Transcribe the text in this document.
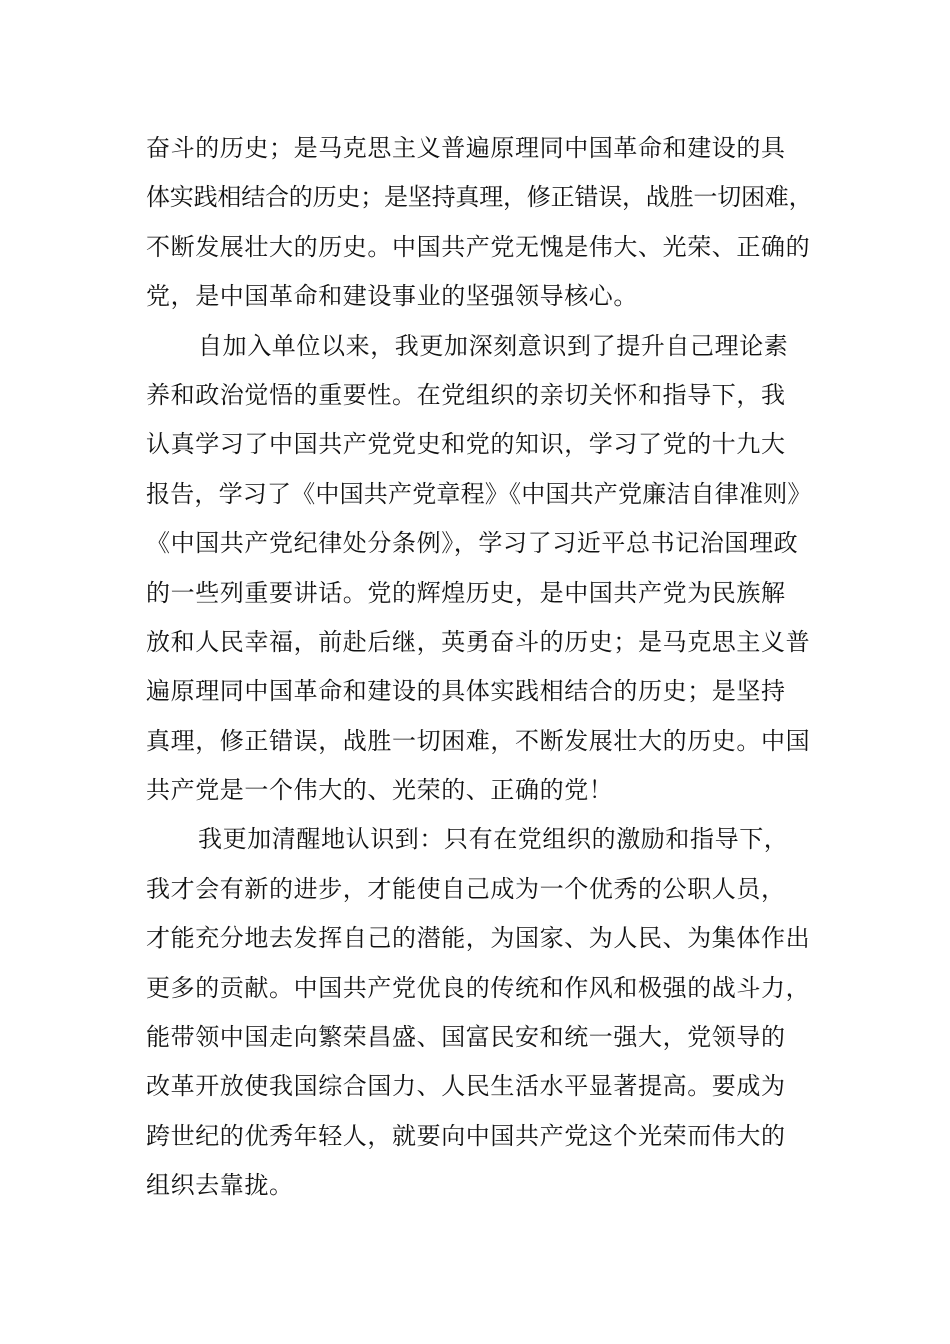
奋斗的历史；是马克思主义普遍原理同中国革命和建设的具
体实践相结合的历史；是坚持真理，修正错误，战胜一切困难，
不断发展壮大的历史。中国共产党无愧是伟大、光荣、正确的
党，是中国革命和建设事业的坚强领导核心。
自加入单位以来，我更加深刻意识到了提升自己理论素
养和政治觉悟的重要性。在党组织的亲切关怀和指导下，我
认真学习了中国共产党党史和党的知识，学习了党的十九大
报告，学习了《中国共产党章程》《中国共产党廉洁自律准则》
《中国共产党纪律处分条例》，学习了习近平总书记治国理政
的一些列重要讲话。党的辉煌历史，是中国共产党为民族解
放和人民幸福，前赴后继，英勇奋斗的历史；是马克思主义普
遍原理同中国革命和建设的具体实践相结合的历史；是坚持
真理，修正错误，战胜一切困难，不断发展壮大的历史。中国
共产党是一个伟大的、光荣的、正确的党！
我更加清醒地认识到：只有在党组织的激励和指导下，
我才会有新的进步，才能使自己成为一个优秀的公职人员，
才能充分地去发挥自己的潜能，为国家、为人民、为集体作出
更多的贡献。中国共产党优良的传统和作风和极强的战斗力，
能带领中国走向繁荣昌盛、国富民安和统一强大，党领导的
改革开放使我国综合国力、人民生活水平显著提高。要成为
跨世纪的优秀年轻人，就要向中国共产党这个光荣而伟大的
组织去靠拢。
